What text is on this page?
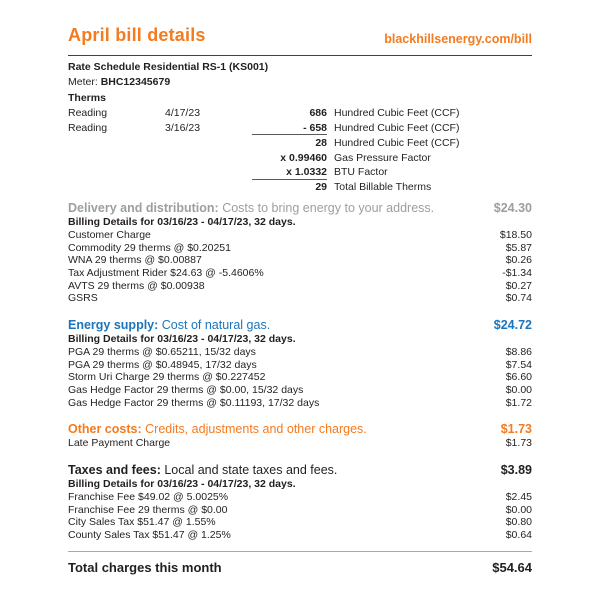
April bill details	blackhillsenergy.com/bill
Rate Schedule Residential RS-1 (KS001)
Meter: BHC12345679
Therms
Reading	4/17/23	686 Hundred Cubic Feet (CCF)
Reading	3/16/23	- 658 Hundred Cubic Feet (CCF)
28 Hundred Cubic Feet (CCF)
x 0.99460 Gas Pressure Factor
x 1.0332 BTU Factor
29 Total Billable Therms
Delivery and distribution: Costs to bring energy to your address.	$24.30
Billing Details for 03/16/23 - 04/17/23, 32 days.
Customer Charge	$18.50
Commodity 29 therms @ $0.20251	$5.87
WNA 29 therms @ $0.00887	$0.26
Tax Adjustment Rider $24.63 @ -5.4606%	-$1.34
AVTS 29 therms @ $0.00938	$0.27
GSRS	$0.74
Energy supply: Cost of natural gas.	$24.72
Billing Details for 03/16/23 - 04/17/23, 32 days.
PGA 29 therms @ $0.65211, 15/32 days	$8.86
PGA 29 therms @ $0.48945, 17/32 days	$7.54
Storm Uri Charge 29 therms @ $0.227452	$6.60
Gas Hedge Factor 29 therms @ $0.00, 15/32 days	$0.00
Gas Hedge Factor 29 therms @ $0.11193, 17/32 days	$1.72
Other costs: Credits, adjustments and other charges.	$1.73
Late Payment Charge	$1.73
Taxes and fees: Local and state taxes and fees.	$3.89
Billing Details for 03/16/23 - 04/17/23, 32 days.
Franchise Fee $49.02 @ 5.0025%	$2.45
Franchise Fee 29 therms @ $0.00	$0.00
City Sales Tax $51.47 @ 1.55%	$0.80
County Sales Tax $51.47 @ 1.25%	$0.64
Total charges this month	$54.64
